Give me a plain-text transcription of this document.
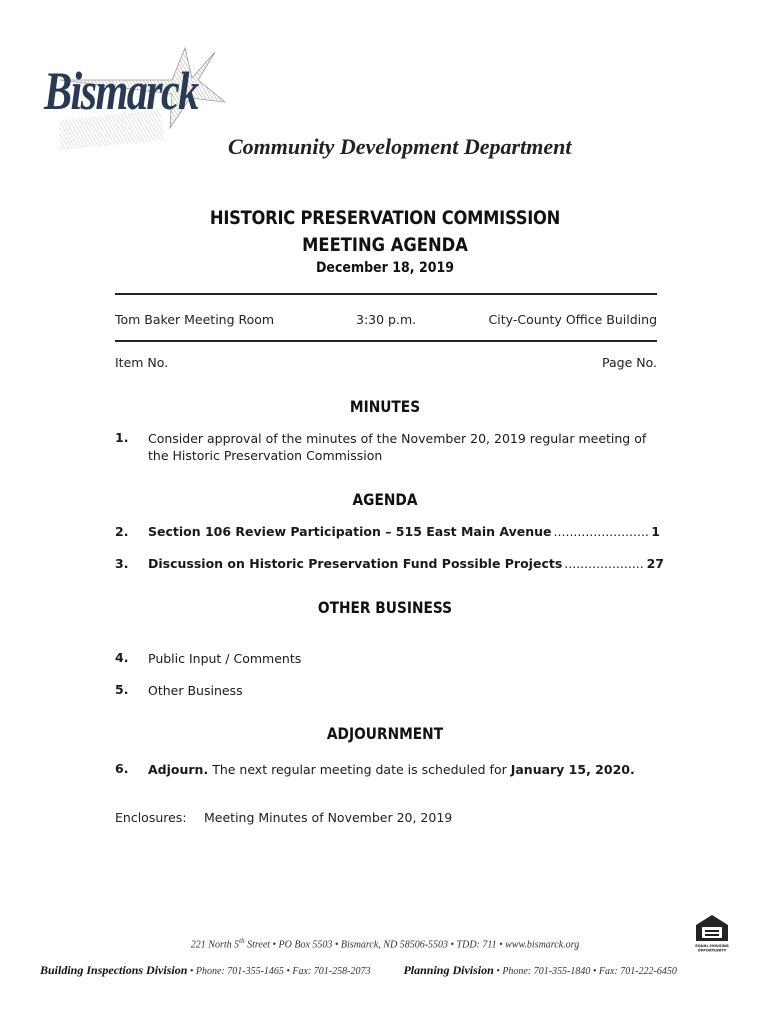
Bismarck
Community Development Department
HISTORIC PRESERVATION COMMISSION
MEETING AGENDA
December 18, 2019
Tom Baker Meeting Room	3:30 p.m.	City-County Office Building
Item No.	Page No.
MINUTES
1. Consider approval of the minutes of the November 20, 2019 regular meeting of the Historic Preservation Commission
AGENDA
2. Section 106 Review Participation – 515 East Main Avenue .....	1
3. Discussion on Historic Preservation Fund Possible Projects .....	27
OTHER BUSINESS
4. Public Input / Comments
5. Other Business
ADJOURNMENT
6. Adjourn. The next regular meeting date is scheduled for January 15, 2020.
Enclosures: Meeting Minutes of November 20, 2019
221 North 5th Street • PO Box 5503 • Bismarck, ND 58506-5503 • TDD: 711 • www.bismarck.org
Building Inspections Division • Phone: 701-355-1465 • Fax: 701-258-2073	Planning Division • Phone: 701-355-1840 • Fax: 701-222-6450
EQUAL HOUSING
OPPORTUNITY
